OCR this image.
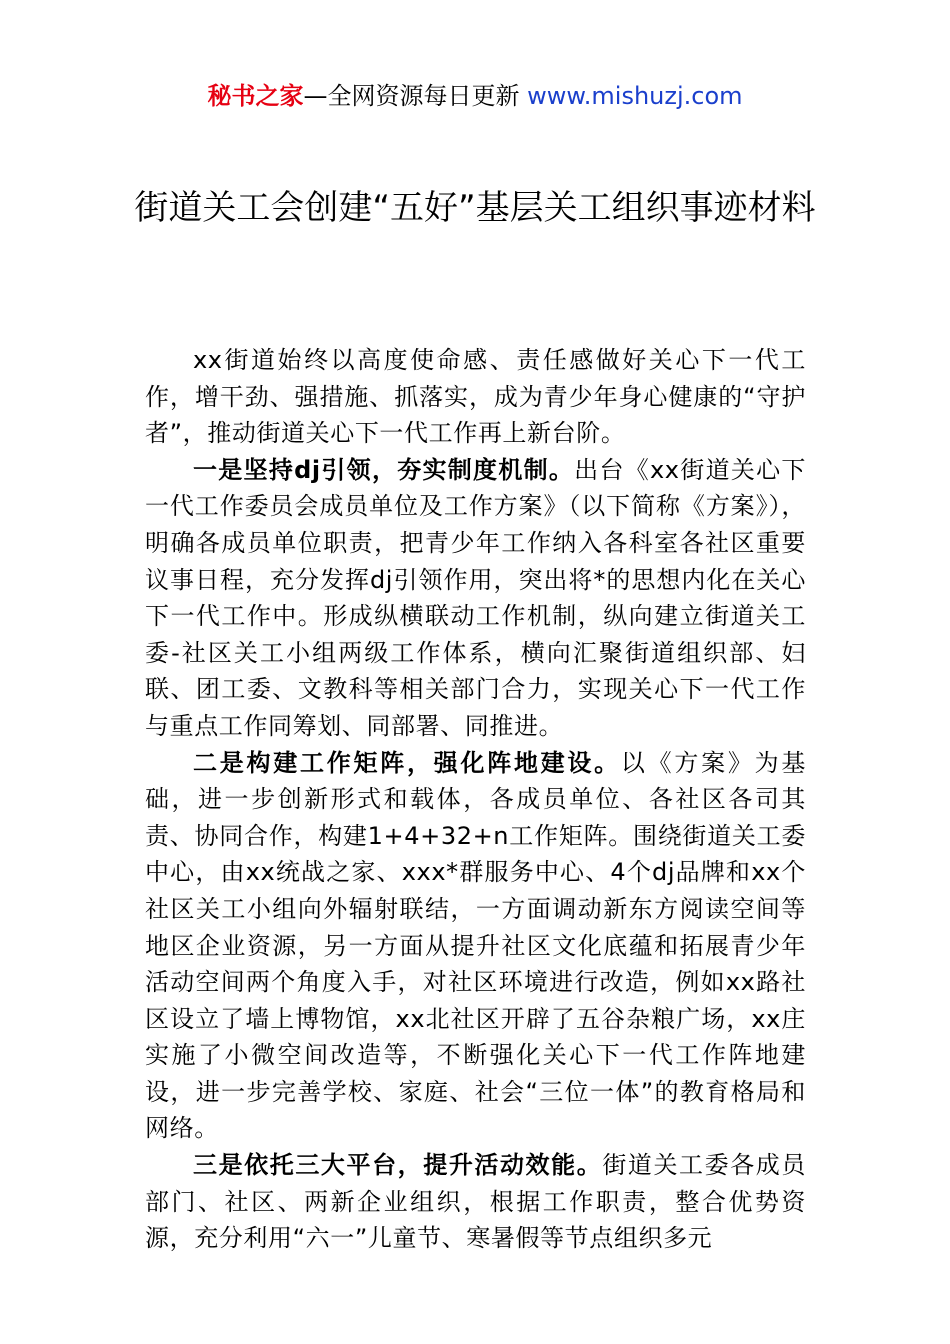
秘书之家—全网资源每日更新 www.mishuzj.com
街道关工会创建“五好”基层关工组织事迹材料

xx街道始终以高度使命感、责任感做好关心下一代工作，增干劲、强措施、抓落实，成为青少年身心健康的“守护者”，推动街道关心下一代工作再上新台阶。

一是坚持dj引领，夯实制度机制。出台《xx街道关心下一代工作委员会成员单位及工作方案》（以下简称《方案》），明确各成员单位职责，把青少年工作纳入各科室各社区重要议事日程，充分发挥dj引领作用，突出将*的思想内化在关心下一代工作中。形成纵横联动工作机制，纵向建立街道关工委-社区关工小组两级工作体系，横向汇聚街道组织部、妇联、团工委、文教科等相关部门合力，实现关心下一代工作与重点工作同筹划、同部署、同推进。

二是构建工作矩阵，强化阵地建设。以《方案》为基础，进一步创新形式和载体，各成员单位、各社区各司其责、协同合作，构建1+4+32+n工作矩阵。围绕街道关工委中心，由xx统战之家、xxx*群服务中心、4个dj品牌和xx个社区关工小组向外辐射联结，一方面调动新东方阅读空间等地区企业资源，另一方面从提升社区文化底蕴和拓展青少年活动空间两个角度入手，对社区环境进行改造，例如xx路社区设立了墙上博物馆，xx北社区开辟了五谷杂粮广场，xx庄实施了小微空间改造等，不断强化关心下一代工作阵地建设，进一步完善学校、家庭、社会“三位一体”的教育格局和网络。

三是依托三大平台，提升活动效能。街道关工委各成员部门、社区、两新企业组织，根据工作职责，整合优势资源，充分利用“六一”儿童节、寒暑假等节点组织多元
